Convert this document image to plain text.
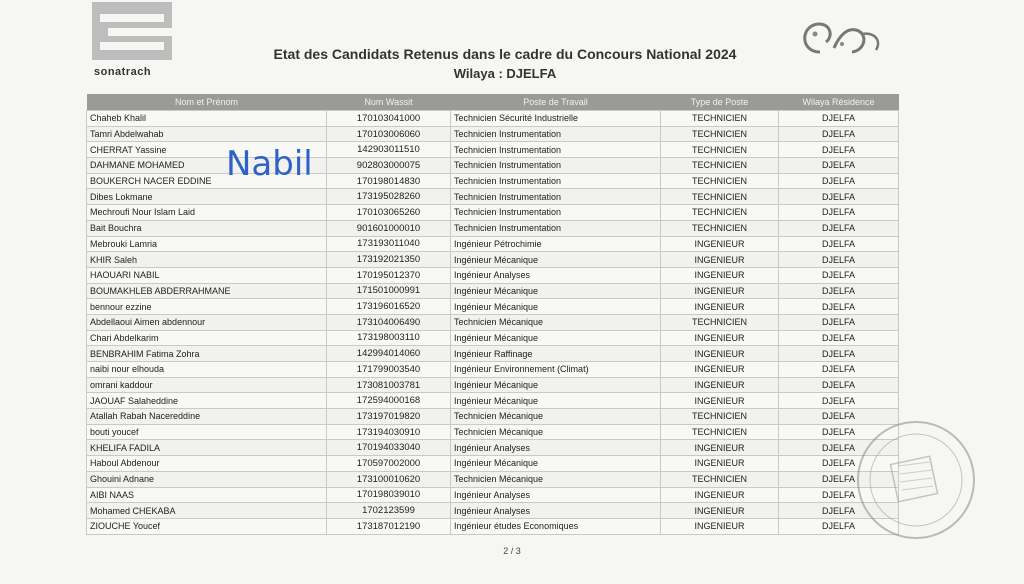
sonatrach
Etat des Candidats Retenus dans le cadre du Concours National 2024
Wilaya : DJELFA
Nom et Prénom	Num Wassit	Poste de Travail	Type de Poste	Wilaya Résidence
Chaheb Khalil	170103041000	Technicien Sécurité Industrielle	TECHNICIEN	DJELFA
Tamri Abdelwahab	170103006060	Technicien Instrumentation	TECHNICIEN	DJELFA
CHERRAT Yassine	142903011510	Technicien Instrumentation	TECHNICIEN	DJELFA
DAHMANE MOHAMED	902803000075	Technicien Instrumentation	TECHNICIEN	DJELFA
BOUKERCH NACER EDDINE	170198014830	Technicien Instrumentation	TECHNICIEN	DJELFA
Dibes Lokmane	173195028260	Technicien Instrumentation	TECHNICIEN	DJELFA
Mechroufi Nour Islam Laid	170103065260	Technicien Instrumentation	TECHNICIEN	DJELFA
Bait Bouchra	901601000010	Technicien Instrumentation	TECHNICIEN	DJELFA
Mebrouki Lamria	173193011040	Ingénieur Pétrochimie	INGENIEUR	DJELFA
KHIR Saleh	173192021350	Ingénieur Mécanique	INGENIEUR	DJELFA
HAOUARI NABIL	170195012370	Ingénieur Analyses	INGENIEUR	DJELFA
BOUMAKHLEB ABDERRAHMANE	171501000991	Ingénieur Mécanique	INGENIEUR	DJELFA
bennour ezzine	173196016520	Ingénieur Mécanique	INGENIEUR	DJELFA
Abdellaoui Aimen abdennour	173104006490	Technicien Mécanique	TECHNICIEN	DJELFA
Chari Abdelkarim	173198003110	Ingénieur Mécanique	INGENIEUR	DJELFA
BENBRAHIM Fatima Zohra	142994014060	Ingénieur Raffinage	INGENIEUR	DJELFA
naibi nour elhouda	171799003540	Ingénieur Environnement (Climat)	INGENIEUR	DJELFA
omrani kaddour	173081003781	Ingénieur Mécanique	INGENIEUR	DJELFA
JAOUAF Salaheddine	172594000168	Ingénieur Mécanique	INGENIEUR	DJELFA
Atallah Rabah Nacereddine	173197019820	Technicien Mécanique	TECHNICIEN	DJELFA
bouti youcef	173194030910	Technicien Mécanique	TECHNICIEN	DJELFA
KHELIFA FADILA	170194033040	Ingénieur Analyses	INGENIEUR	DJELFA
Haboul Abdenour	170597002000	Ingénieur Mécanique	INGENIEUR	DJELFA
Ghouini Adnane	173100010620	Technicien Mécanique	TECHNICIEN	DJELFA
AIBI NAAS	170198039010	Ingénieur Analyses	INGENIEUR	DJELFA
Mohamed CHEKABA	1702123599	Ingénieur Analyses	INGENIEUR	DJELFA
ZIOUCHE Youcef	173187012190	Ingénieur études Economiques	INGENIEUR	DJELFA
Nabil
2 / 3
